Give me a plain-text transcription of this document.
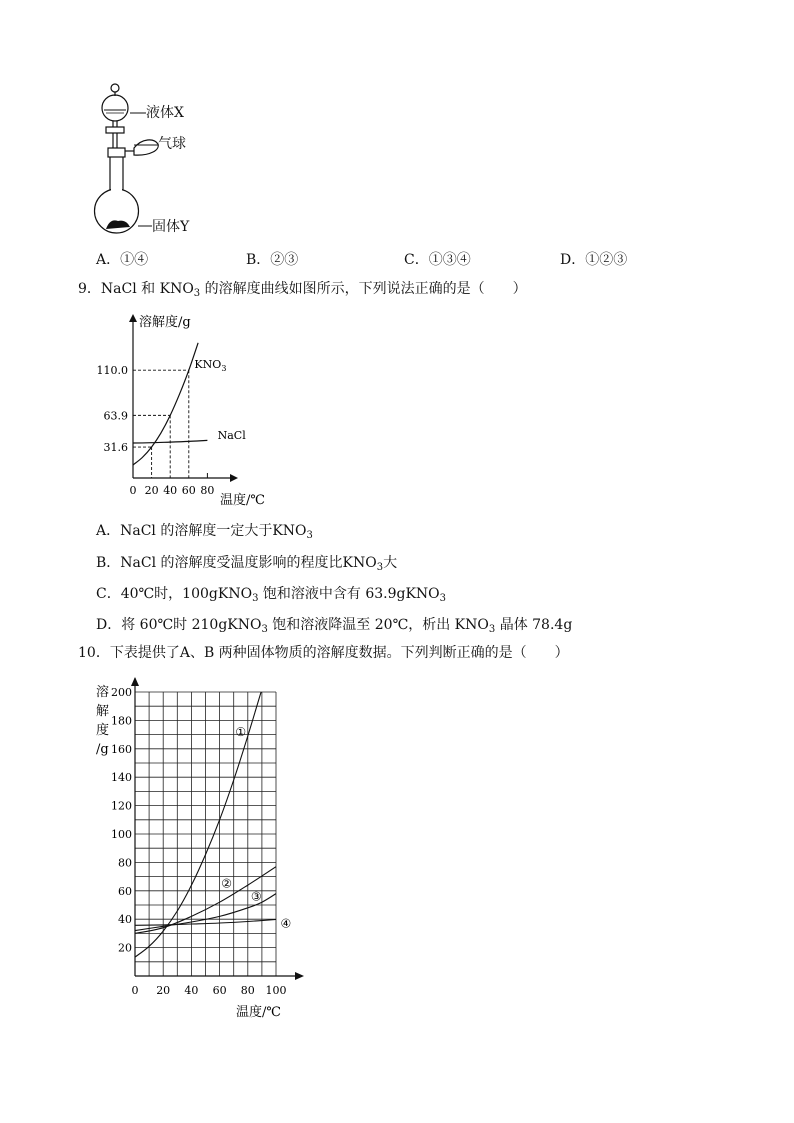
液体X
气球
固体Y
A．①④	B．②③	C．①③④	D．①②③
9．NaCl 和 $KNO_3$ 的溶解度曲线如图所示，下列说法正确的是（　　）
溶解度/g
31.6
63.9
110.0
0 20 40 60 80
温度/℃
KNO 3
NaCl
A．NaCl 的溶解度一定大于$KNO_3$
B．NaCl 的溶解度受温度影响的程度比$KNO_3$大
C．40℃时，100gKNO$_3$ 饱和溶液中含有 63.9gKNO$_3$
D．将 60℃时 210gKNO$_3$ 饱和溶液降温至 20℃，析出 $KNO_3$ 晶体 78.4g
10．下表提供了A、B 两种固体物质的溶解度数据。下列判断正确的是（　　）
20
40
60
80
100
120
140
160
180
200
0 20 40 60 80 100
温度/℃
溶
解
度
/g
①
②
③
④
